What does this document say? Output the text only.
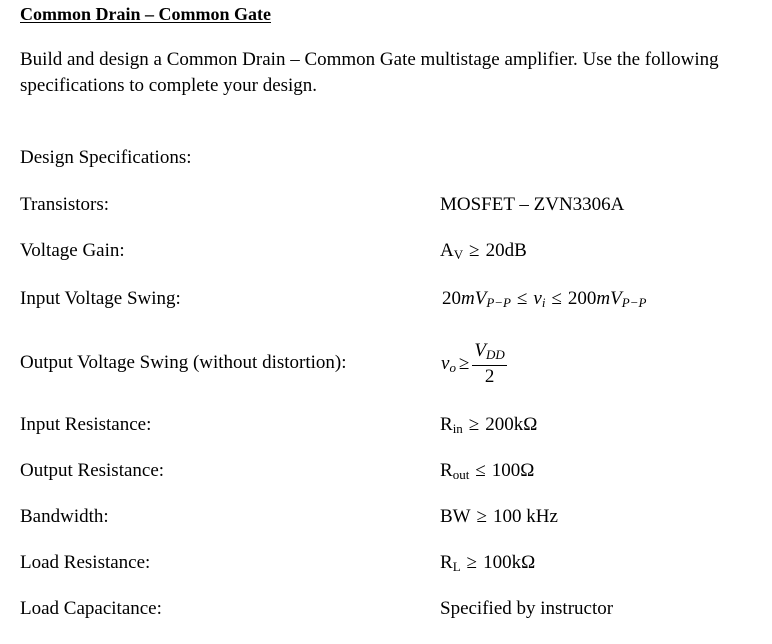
Common Drain – Common Gate
Build and design a Common Drain – Common Gate multistage amplifier. Use the following specifications to complete your design.
Design Specifications:
Transistors:	MOSFET – ZVN3306A
Voltage Gain:	$A_V \ge 20dB$
Input Voltage Swing:	$20mV_{P-P} \le v_i \le 200mV_{P-P}$
Output Voltage Swing (without distortion):	$v_o \ge \frac{V_{DD}}{2}$
Input Resistance:	$R_{in} \ge 200k\Omega$
Output Resistance:	$R_{out} \le 100\Omega$
Bandwidth:	BW ≥ 100 kHz
Load Resistance:	$R_L \ge 100k\Omega$
Load Capacitance:	Specified by instructor
